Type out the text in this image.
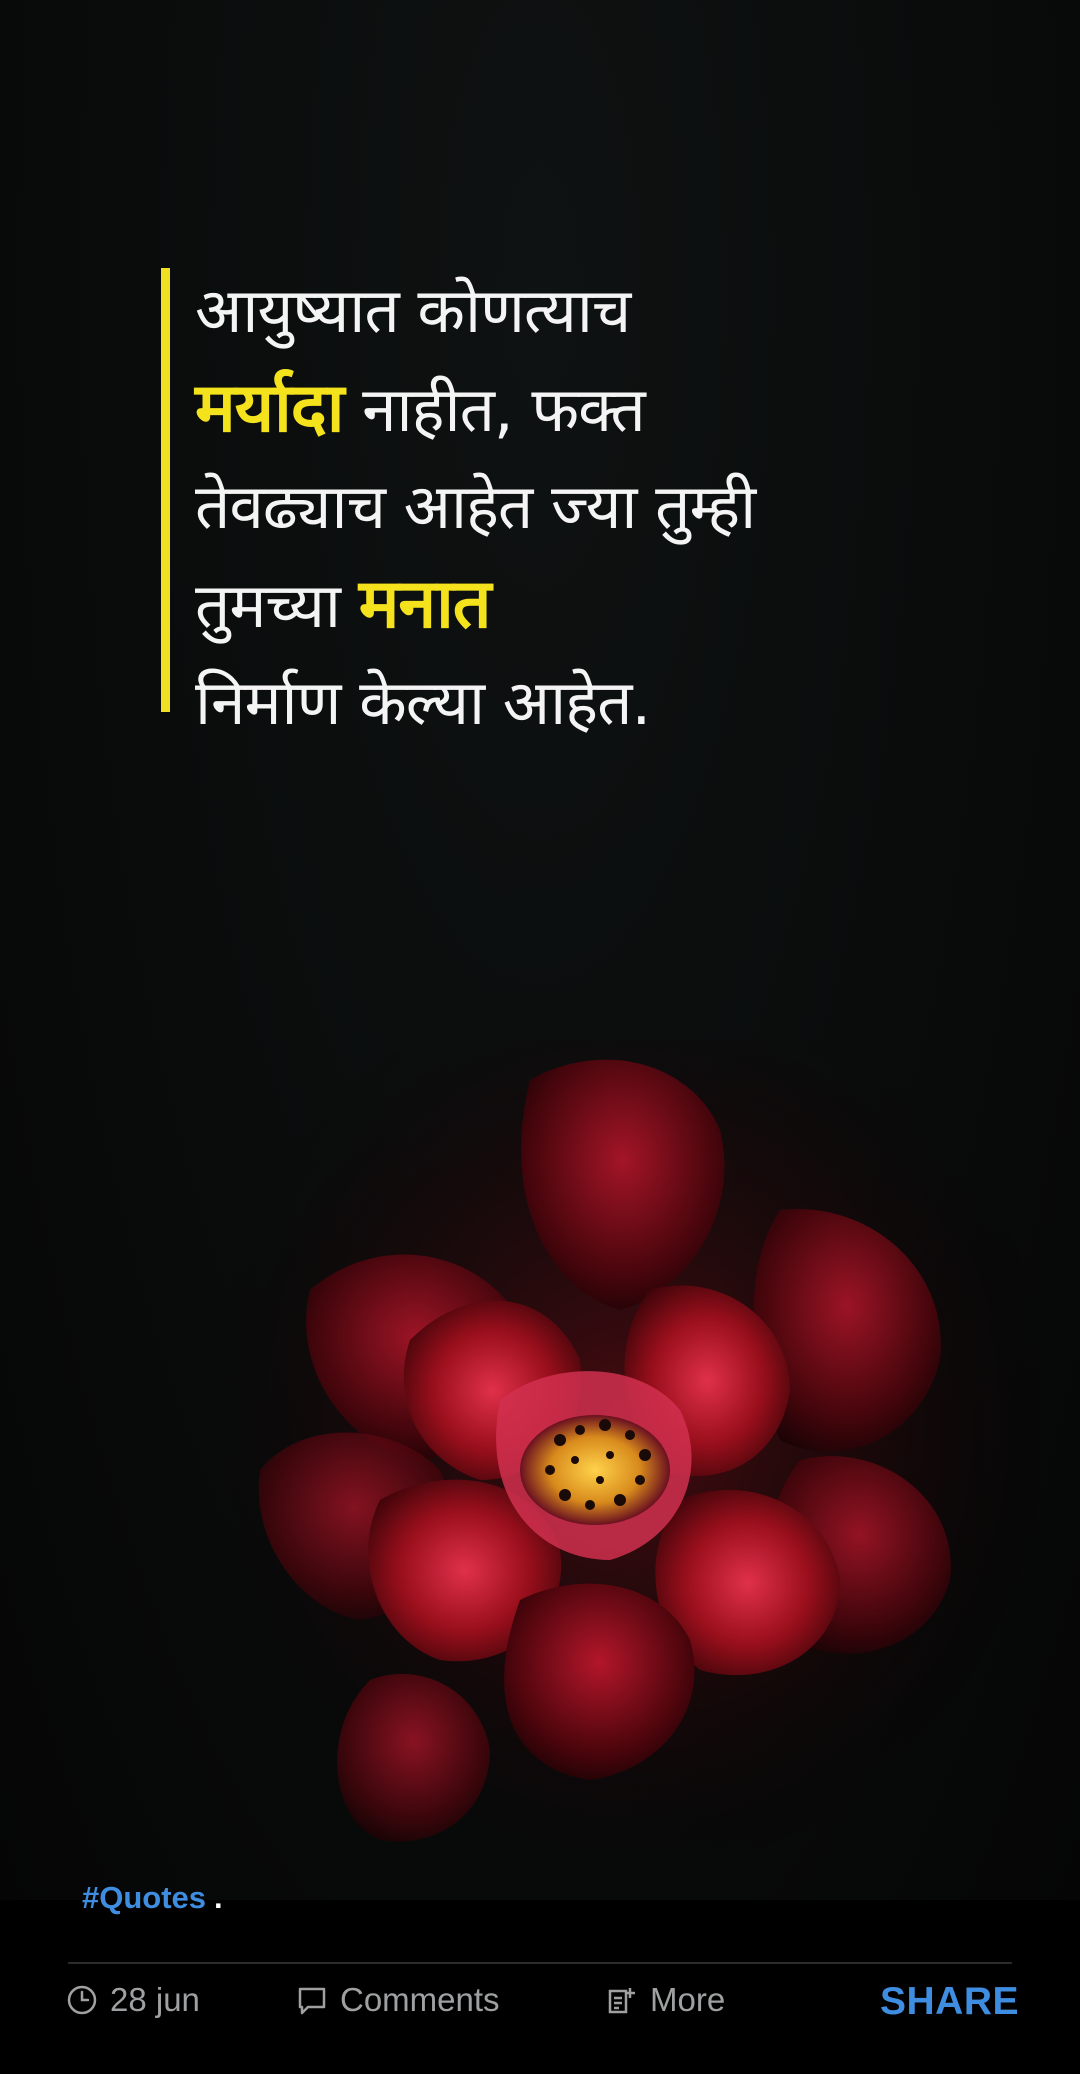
आयुष्यात कोणत्याच
मर्यादा नाहीत, फक्त
तेवढ्याच आहेत ज्या तुम्ही
तुमच्या मनात
निर्माण केल्या आहेत.
#Quotes .
28 jun	Comments	More	SHARE
